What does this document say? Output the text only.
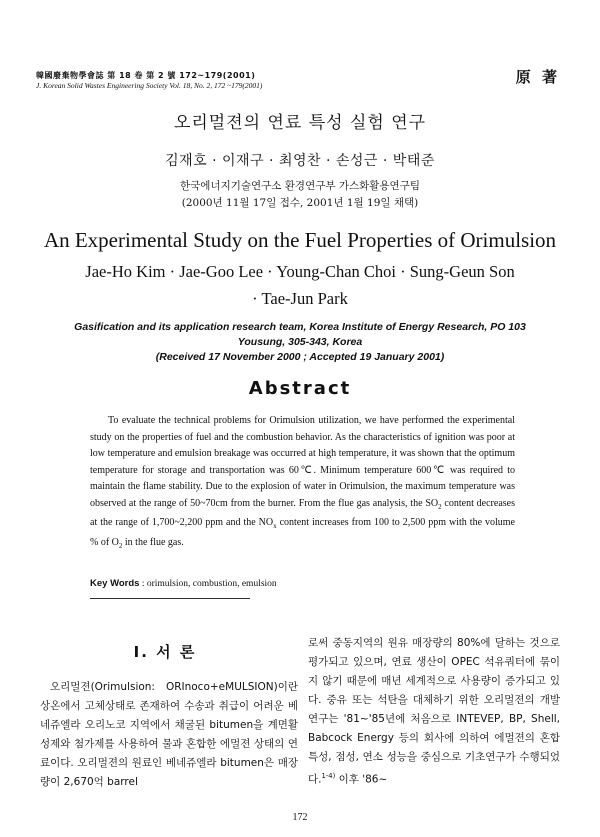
韓國廢棄物學會誌 第 18 卷 第 2 號 172~179(2001)
J. Korean Solid Wastes Engineering Society Vol. 18, No. 2, 172 ~179(2001)	原 著
오리멀젼의 연료 특성 실험 연구
김재호 · 이재구 · 최영찬 · 손성근 · 박태준
한국에너지기술연구소 환경연구부 가스화활용연구팀
(2000년 11월 17일 접수, 2001년 1월 19일 채택)
An Experimental Study on the Fuel Properties of Orimulsion
Jae-Ho Kim · Jae-Goo Lee · Young-Chan Choi · Sung-Geun Son
· Tae-Jun Park
Gasification and its application research team, Korea Institute of Energy Research, PO 103
Yousung, 305-343, Korea
(Received 17 November 2000 ; Accepted 19 January 2001)
Abstract
To evaluate the technical problems for Orimulsion utilization, we have performed the experimental study on the properties of fuel and the combustion behavior. As the characteristics of ignition was poor at low temperature and emulsion breakage was occurred at high temperature, it was shown that the optimum temperature for storage and transportation was 60℃. Minimum temperature 600℃ was required to maintain the flame stability. Due to the explosion of water in Orimulsion, the maximum temperature was observed at the range of 50~70cm from the burner. From the flue gas analysis, the $SO_2$ content decreases at the range of 1,700~2,200 ppm and the $NO_x$ content increases from 100 to 2,500 ppm with the volume % of $O_2$ in the flue gas.
Key Words : orimulsion, combustion, emulsion
I. 서 론
오리멀젼(Orimulsion: ORInoco+eMULSION)이란 상온에서 고체상태로 존재하여 수송과 취급이 어려운 베네쥬엘라 오리노코 지역에서 채굴된 bitumen을 계면활성제와 첨가제를 사용하여 물과 혼합한 에멀젼 상태의 연료이다. 오리멀젼의 원료인 베네쥬엘라 bitumen은 매장량이 2,670억 barrel
로써 중동지역의 원유 매장량의 80%에 달하는 것으로 평가되고 있으며, 연료 생산이 OPEC 석유쿼터에 묶이지 않기 때문에 매년 세계적으로 사용량이 증가되고 있다. 중유 또는 석탄을 대체하기 위한 오리멀젼의 개발 연구는 '81~'85년에 처음으로 INTEVEP, BP, Shell, Babcock Energy 등의 회사에 의하여 에멀젼의 혼합특성, 점성, 연소 성능을 중심으로 기초연구가 수행되었다.$^{1-4)}$ 이후 '86~
172
